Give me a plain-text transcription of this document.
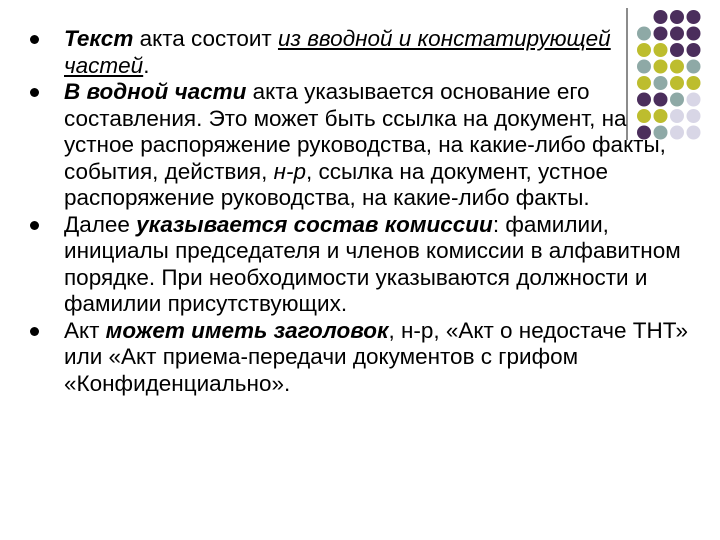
Текст акта состоит из вводной и констатирующей частей.
В водной части акта указывается основание его составления. Это может быть ссылка на документ, на устное распоряжение руководства, на какие-либо факты, события, действия, н-р, ссылка на документ, устное распоряжение руководства, на какие-либо факты.
Далее указывается состав комиссии: фамилии, инициалы председателя и членов комиссии в алфавитном порядке. При необходимости указываются должности и фамилии присутствующих.
Акт может иметь заголовок, н-р, «Акт о недостаче ТНТ» или «Акт приема-передачи документов с грифом «Конфиденциально».
